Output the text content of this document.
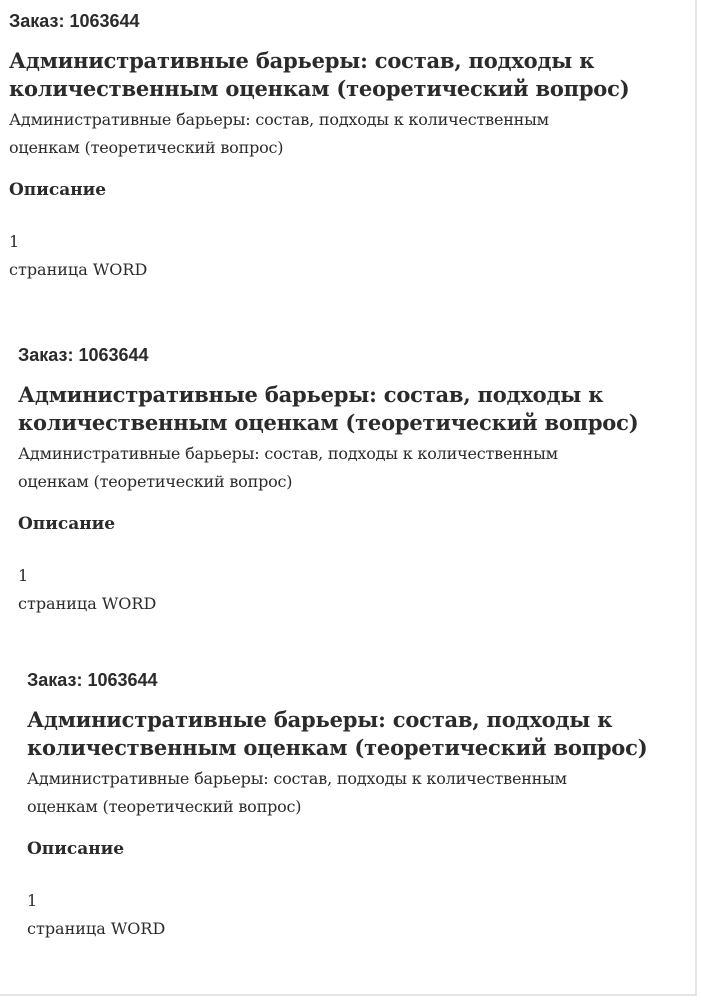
Заказ: 1063644

Административные барьеры: состав, подходы к
количественным оценкам (теоретический вопрос)

Административные барьеры: состав, подходы к количественным
оценкам (теоретический вопрос)

Описание

1

страница WORD

Заказ: 1063644

Административные барьеры: состав, подходы к
количественным оценкам (теоретический вопрос)

Административные барьеры: состав, подходы к количественным
оценкам (теоретический вопрос)

Описание

1

страница WORD

Заказ: 1063644

Административные барьеры: состав, подходы к
количественным оценкам (теоретический вопрос)

Административные барьеры: состав, подходы к количественным
оценкам (теоретический вопрос)

Описание

1

страница WORD
